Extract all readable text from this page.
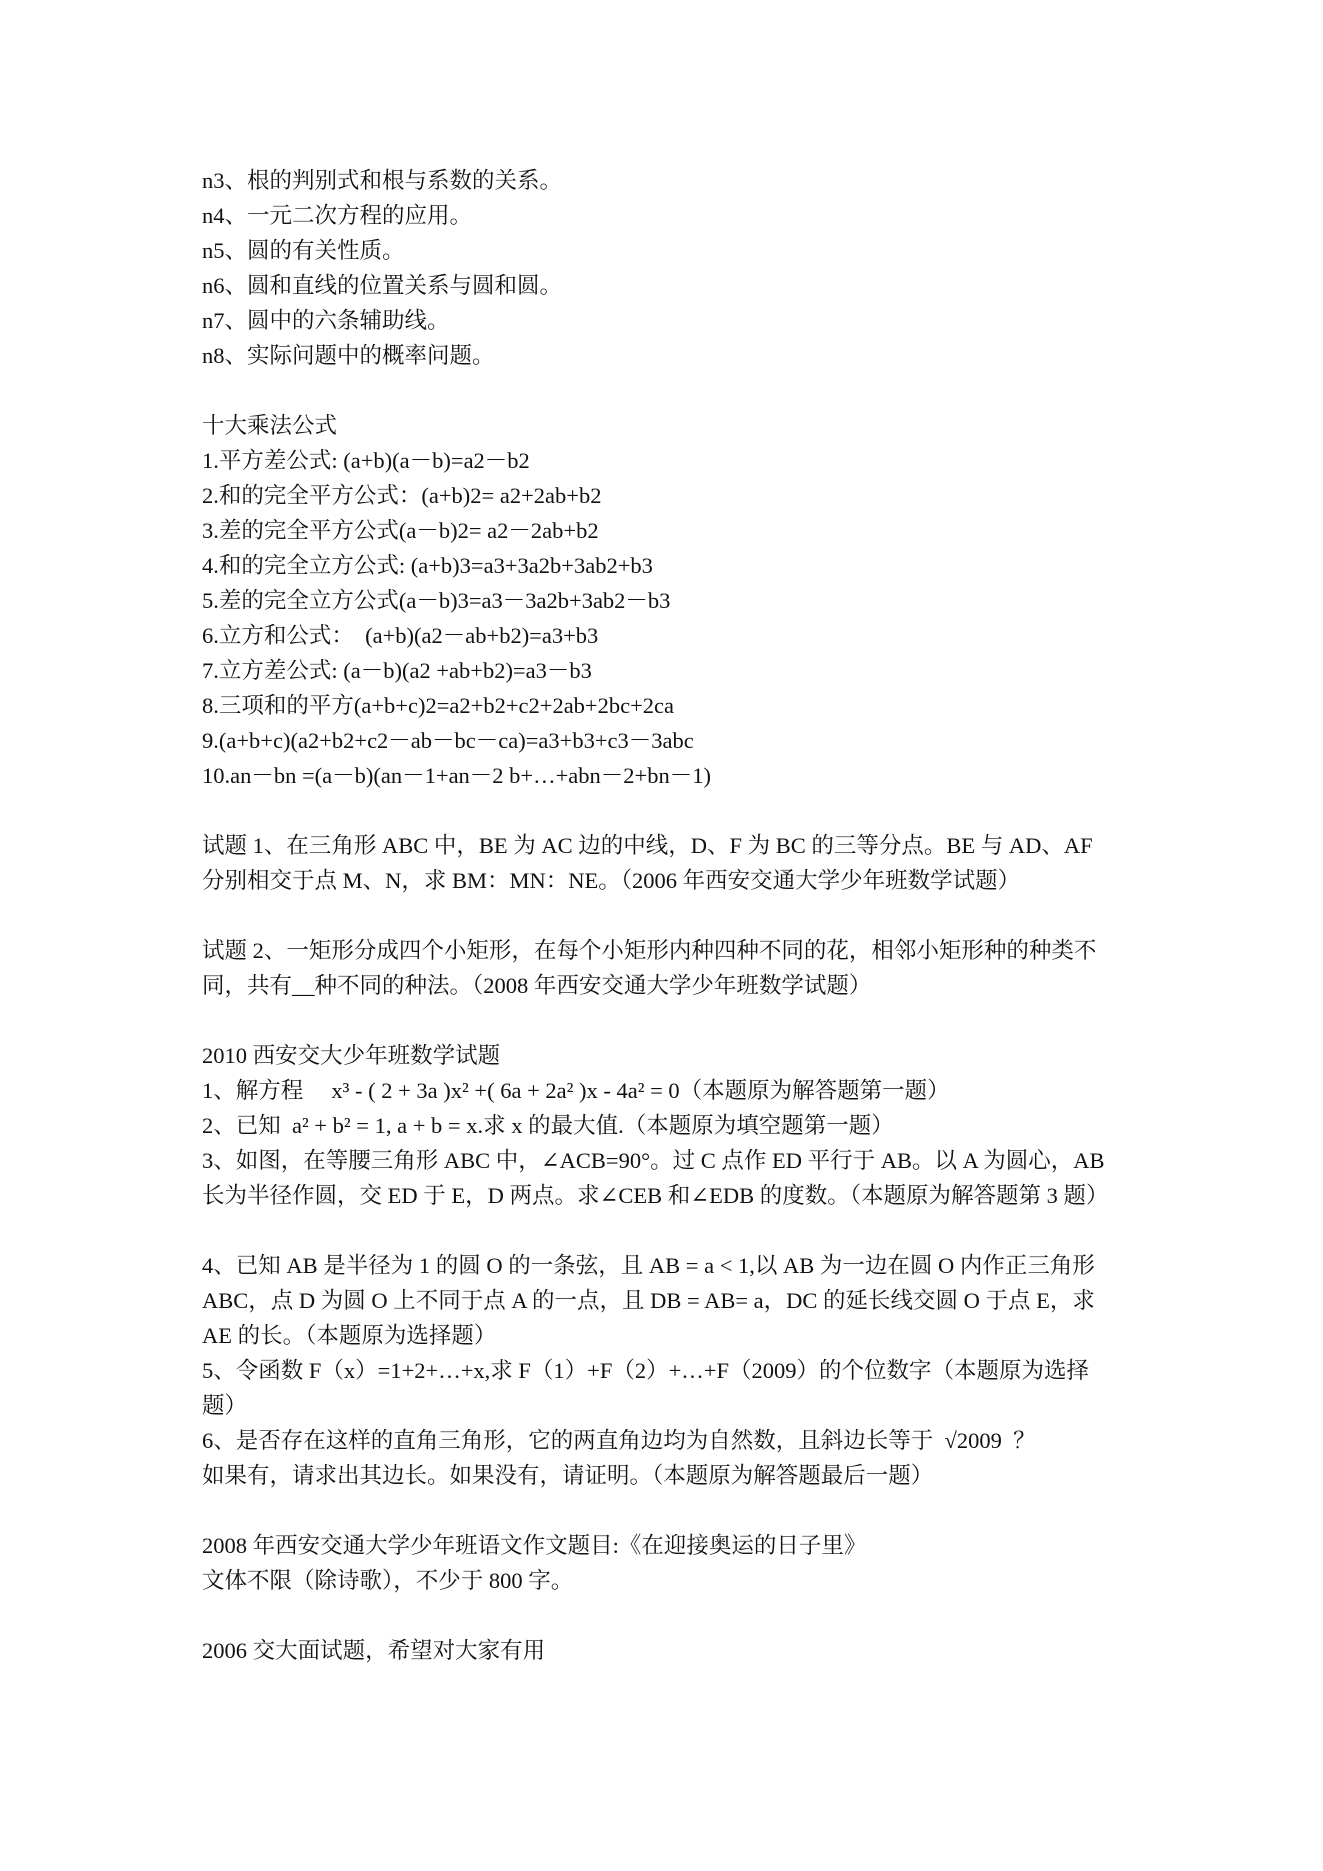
n3、根的判别式和根与系数的关系。
n4、一元二次方程的应用。
n5、圆的有关性质。
n6、圆和直线的位置关系与圆和圆。
n7、圆中的六条辅助线。
n8、实际问题中的概率问题。
十大乘法公式
1.平方差公式: (a+b)(a－b)=a2－b2
2.和的完全平方公式：(a+b)2= a2+2ab+b2
3.差的完全平方公式(a－b)2= a2－2ab+b2
4.和的完全立方公式: (a+b)3=a3+3a2b+3ab2+b3
5.差的完全立方公式(a－b)3=a3－3a2b+3ab2－b3
6.立方和公式：  (a+b)(a2－ab+b2)=a3+b3
7.立方差公式: (a－b)(a2 +ab+b2)=a3－b3
8.三项和的平方(a+b+c)2=a2+b2+c2+2ab+2bc+2ca
9.(a+b+c)(a2+b2+c2－ab－bc－ca)=a3+b3+c3－3abc
10.an－bn =(a－b)(an－1+an－2 b+…+abn－2+bn－1)
试题 1、在三角形 ABC 中，BE 为 AC 边的中线，D、F 为 BC 的三等分点。BE 与 AD、AF
分别相交于点 M、N，求 BM：MN：NE。（2006 年西安交通大学少年班数学试题）
试题 2、一矩形分成四个小矩形，在每个小矩形内种四种不同的花，相邻小矩形种的种类不
同，共有__种不同的种法。（2008 年西安交通大学少年班数学试题）
2010 西安交大少年班数学试题
1、解方程     x³ - ( 2 + 3a )x² +( 6a + 2a² )x - 4a² = 0（本题原为解答题第一题）
2、已知  a² + b² = 1, a + b = x.求 x 的最大值.（本题原为填空题第一题）
3、如图，在等腰三角形 ABC 中，∠ACB=90°。过 C 点作 ED 平行于 AB。以 A 为圆心，AB
长为半径作圆，交 ED 于 E，D 两点。求∠CEB 和∠EDB 的度数。（本题原为解答题第 3 题）
4、已知 AB 是半径为 1 的圆 O 的一条弦，且 AB = a < 1,以 AB 为一边在圆 O 内作正三角形
ABC，点 D 为圆 O 上不同于点 A 的一点，且 DB = AB= a，DC 的延长线交圆 O 于点 E，求
AE 的长。（本题原为选择题）
5、令函数 F（x）=1+2+…+x,求 F（1）+F（2）+…+F（2009）的个位数字（本题原为选择
题）
6、是否存在这样的直角三角形，它的两直角边均为自然数，且斜边长等于  √2009  ？
如果有，请求出其边长。如果没有，请证明。（本题原为解答题最后一题）
2008 年西安交通大学少年班语文作文题目:《在迎接奥运的日子里》
文体不限（除诗歌），不少于 800 字。
2006 交大面试题，希望对大家有用
